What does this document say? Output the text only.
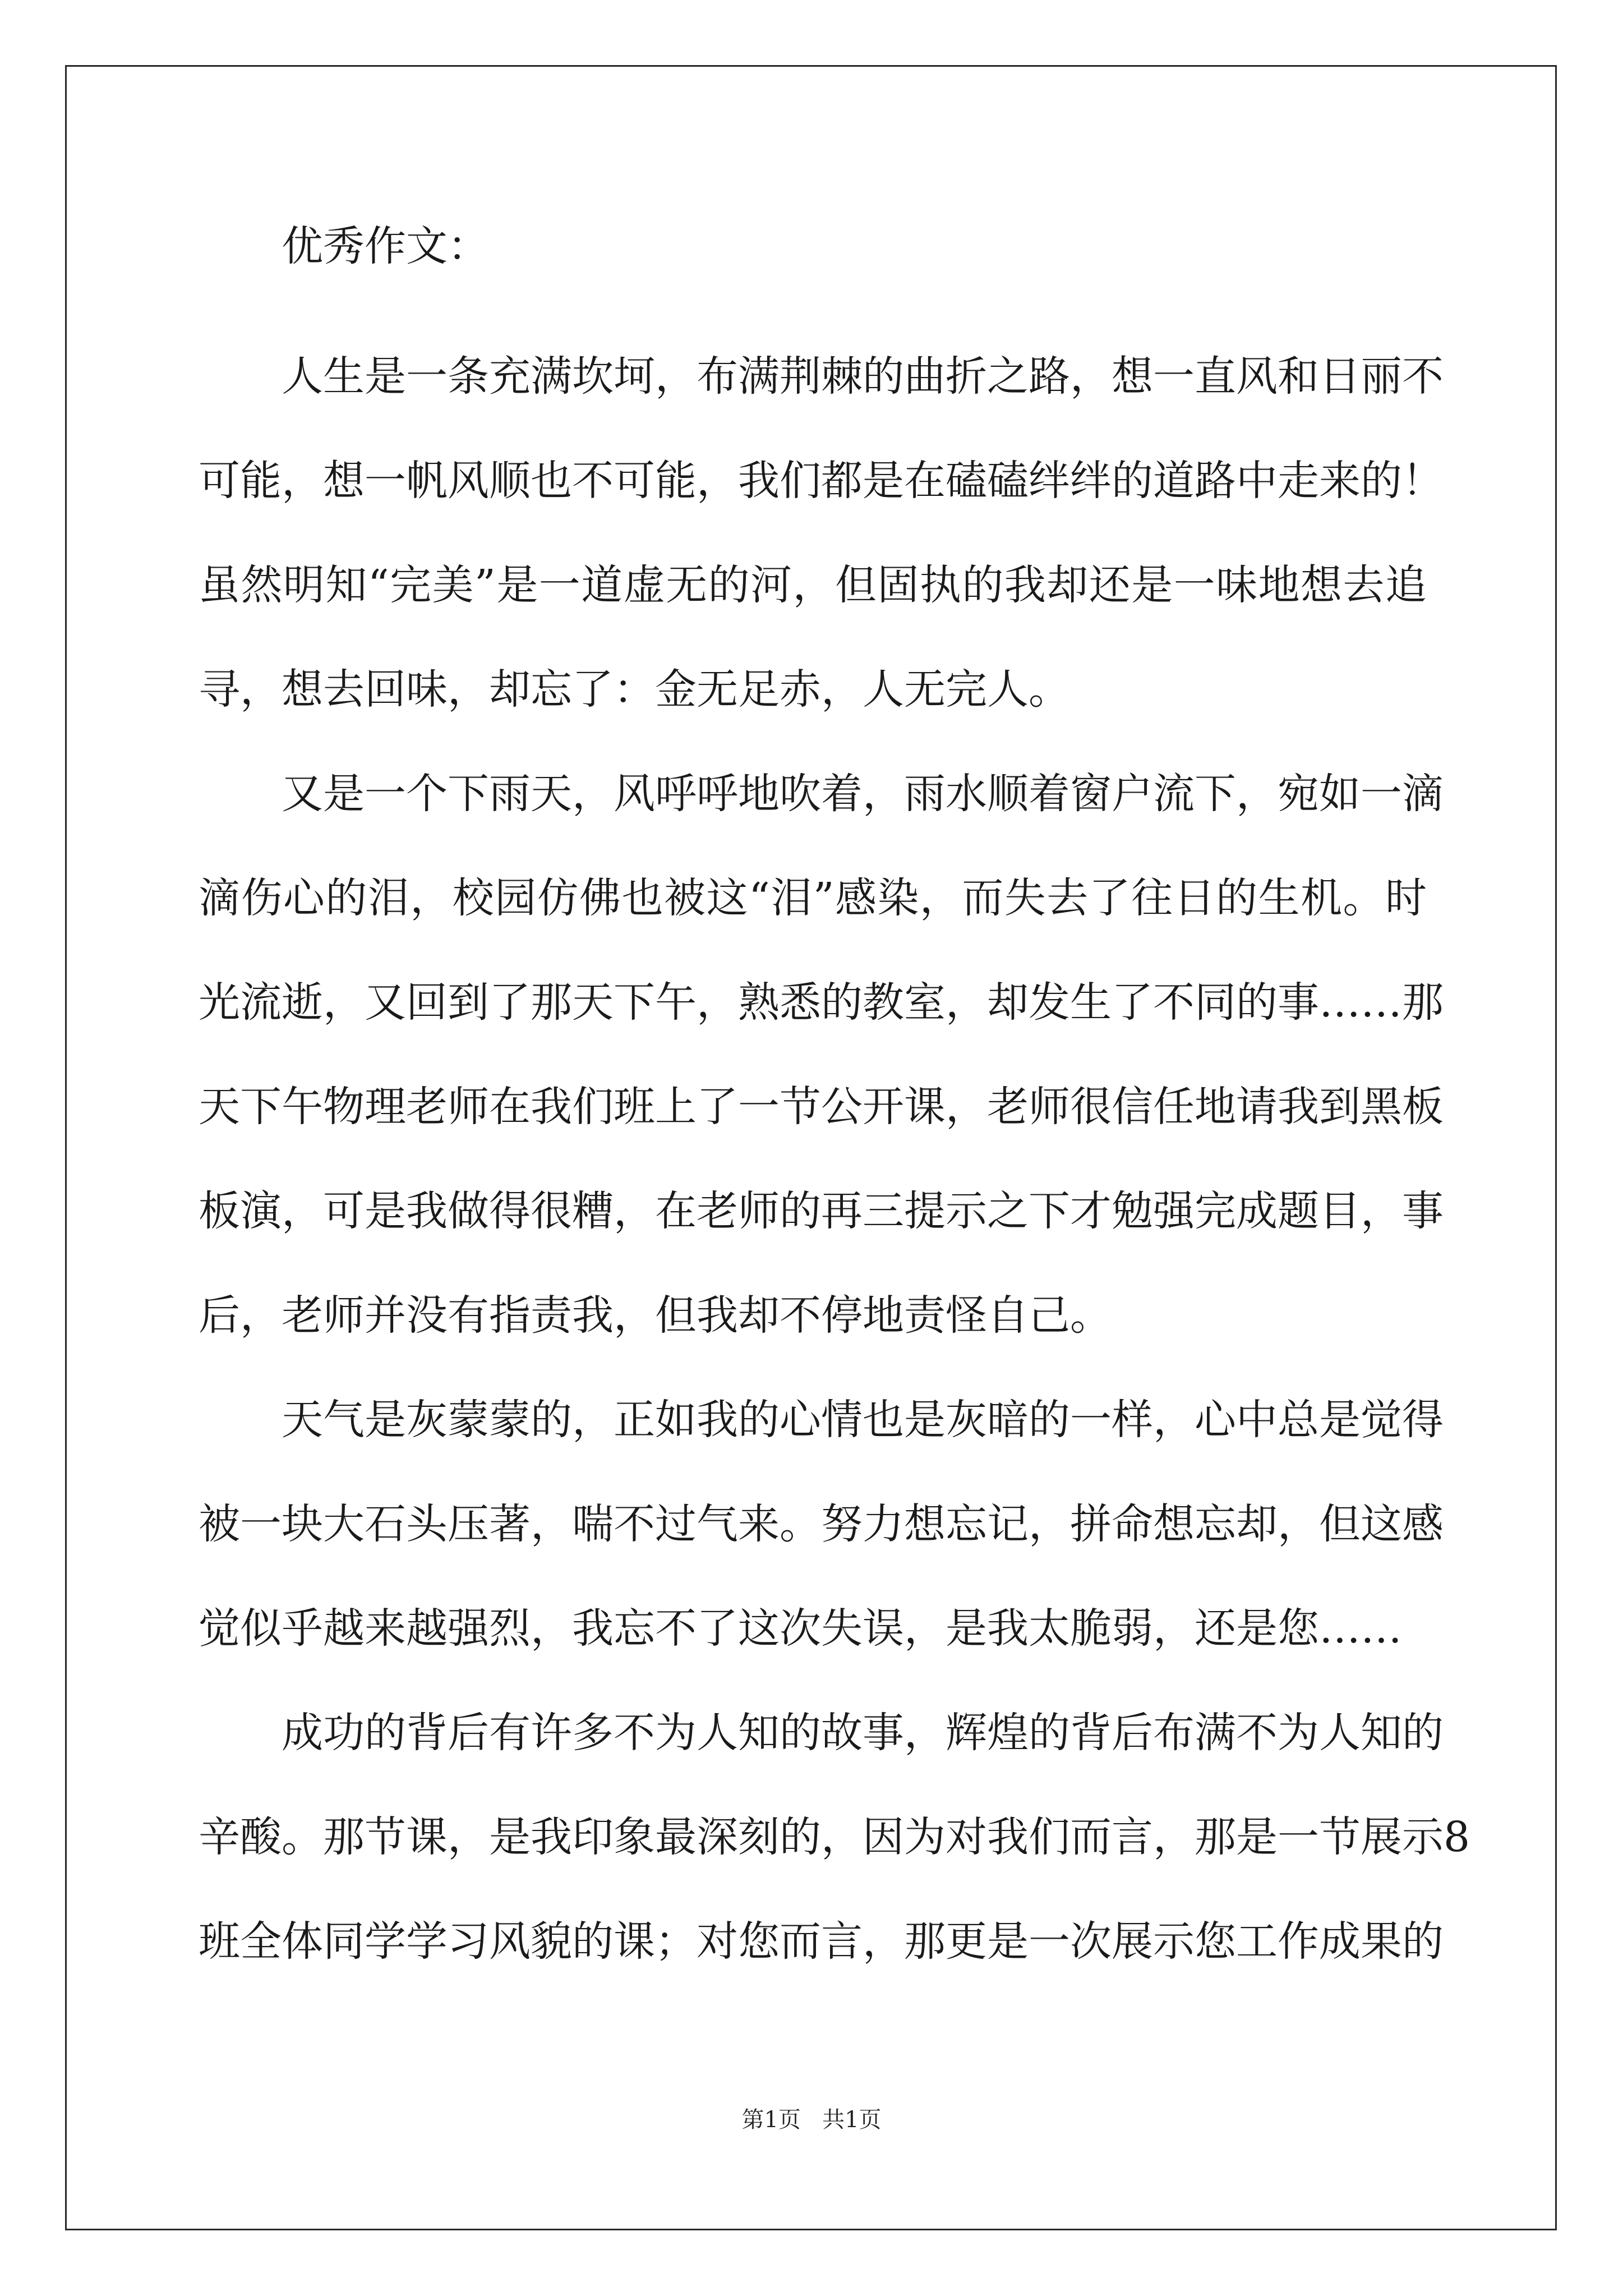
优秀作文：
人生是一条充满坎坷，布满荆棘的曲折之路，想一直风和日丽不
可能，想一帆风顺也不可能，我们都是在磕磕绊绊的道路中走来的！
虽然明知“完美”是一道虚无的河，但固执的我却还是一味地想去追
寻，想去回味，却忘了：金无足赤，人无完人。
又是一个下雨天，风呼呼地吹着，雨水顺着窗户流下，宛如一滴
滴伤心的泪，校园仿佛也被这“泪”感染，而失去了往日的生机。时
光流逝，又回到了那天下午，熟悉的教室，却发生了不同的事……那
天下午物理老师在我们班上了一节公开课，老师很信任地请我到黑板
板演，可是我做得很糟，在老师的再三提示之下才勉强完成题目，事
后，老师并没有指责我，但我却不停地责怪自己。
天气是灰蒙蒙的，正如我的心情也是灰暗的一样，心中总是觉得
被一块大石头压著，喘不过气来。努力想忘记，拼命想忘却，但这感
觉似乎越来越强烈，我忘不了这次失误，是我太脆弱，还是您……
成功的背后有许多不为人知的故事，辉煌的背后布满不为人知的
辛酸。那节课，是我印象最深刻的，因为对我们而言，那是一节展示8
班全体同学学习风貌的课；对您而言，那更是一次展示您工作成果的
第1页 共1页
